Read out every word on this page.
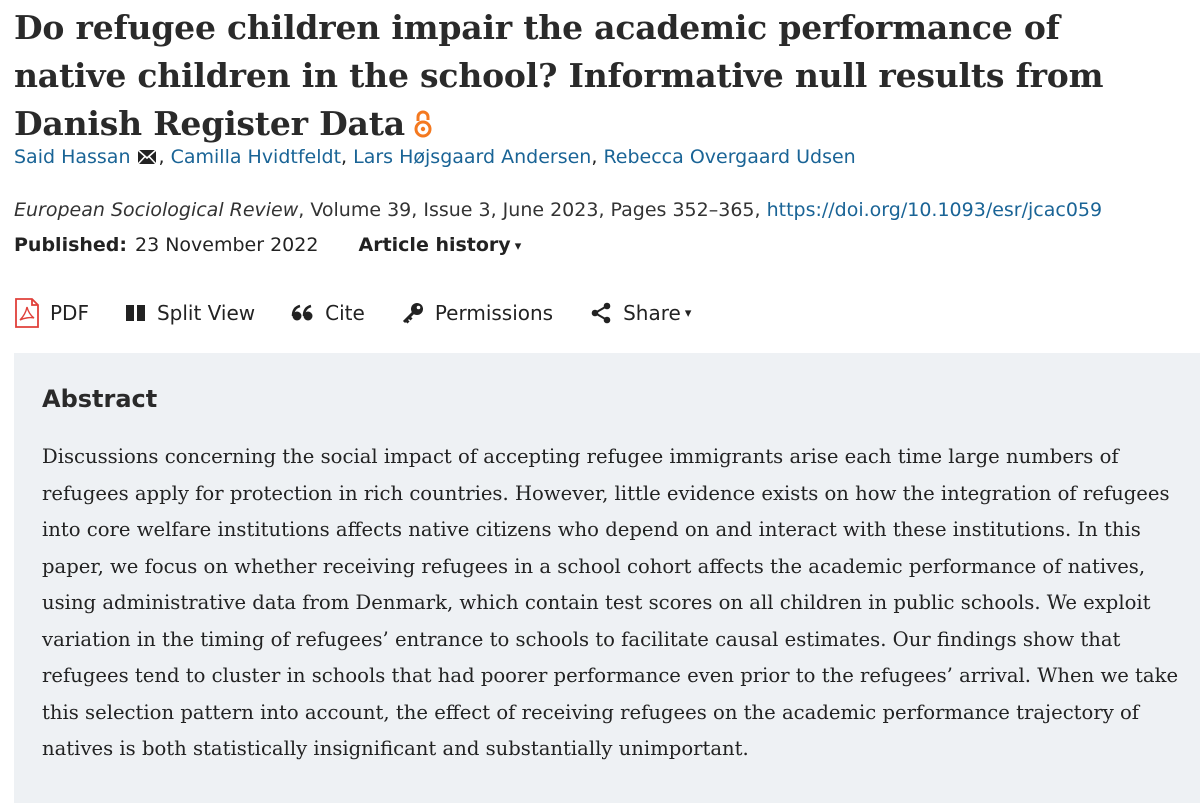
Do refugee children impair the academic performance of native children in the school? Informative null results from Danish Register Data
Said Hassan , Camilla Hvidtfeldt, Lars Højsgaard Andersen, Rebecca Overgaard Udsen
European Sociological Review, Volume 39, Issue 3, June 2023, Pages 352–365, https://doi.org/10.1093/esr/jcac059
Published: 23 November 2022 Article history ▾
PDF	Split View	Cite	Permissions	Share ▾
Abstract

Discussions concerning the social impact of accepting refugee immigrants arise each time large numbers of refugees apply for protection in rich countries. However, little evidence exists on how the integration of refugees into core welfare institutions affects native citizens who depend on and interact with these institutions. In this paper, we focus on whether receiving refugees in a school cohort affects the academic performance of natives, using administrative data from Denmark, which contain test scores on all children in public schools. We exploit variation in the timing of refugees’ entrance to schools to facilitate causal estimates. Our findings show that refugees tend to cluster in schools that had poorer performance even prior to the refugees’ arrival. When we take this selection pattern into account, the effect of receiving refugees on the academic performance trajectory of natives is both statistically insignificant and substantially unimportant.
